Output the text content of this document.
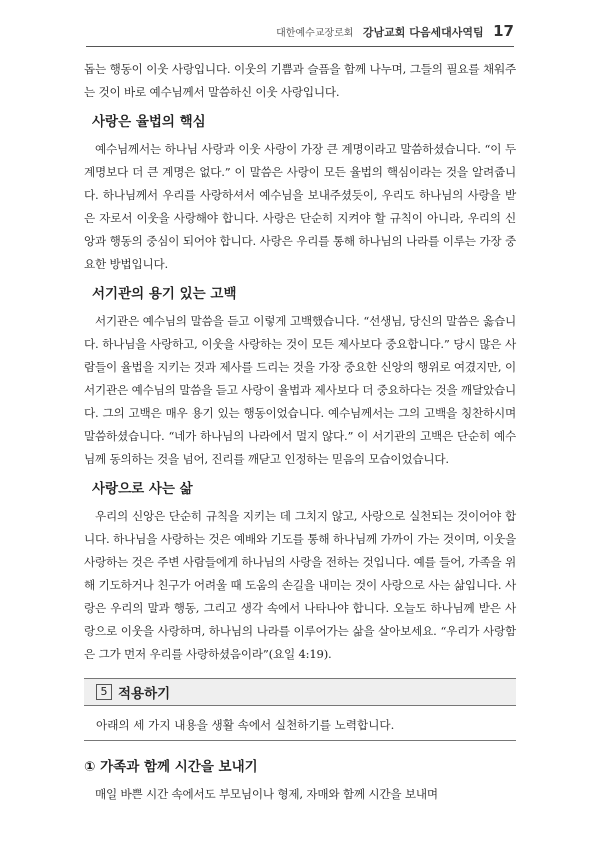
대한예수교장로회 강남교회 다음세대사역팀 17

돕는 행동이 이웃 사랑입니다. 이웃의 기쁨과 슬픔을 함께 나누며, 그들의 필요를 채워주는 것이 바로 예수님께서 말씀하신 이웃 사랑입니다.

사랑은 율법의 핵심

예수님께서는 하나님 사랑과 이웃 사랑이 가장 큰 계명이라고 말씀하셨습니다. “이 두 계명보다 더 큰 계명은 없다.” 이 말씀은 사랑이 모든 율법의 핵심이라는 것을 알려줍니다. 하나님께서 우리를 사랑하셔서 예수님을 보내주셨듯이, 우리도 하나님의 사랑을 받은 자로서 이웃을 사랑해야 합니다. 사랑은 단순히 지켜야 할 규칙이 아니라, 우리의 신앙과 행동의 중심이 되어야 합니다. 사랑은 우리를 통해 하나님의 나라를 이루는 가장 중요한 방법입니다.

서기관의 용기 있는 고백

서기관은 예수님의 말씀을 듣고 이렇게 고백했습니다. “선생님, 당신의 말씀은 옳습니다. 하나님을 사랑하고, 이웃을 사랑하는 것이 모든 제사보다 중요합니다.” 당시 많은 사람들이 율법을 지키는 것과 제사를 드리는 것을 가장 중요한 신앙의 행위로 여겼지만, 이 서기관은 예수님의 말씀을 듣고 사랑이 율법과 제사보다 더 중요하다는 것을 깨달았습니다. 그의 고백은 매우 용기 있는 행동이었습니다. 예수님께서는 그의 고백을 칭찬하시며 말씀하셨습니다. “네가 하나님의 나라에서 멀지 않다.” 이 서기관의 고백은 단순히 예수님께 동의하는 것을 넘어, 진리를 깨닫고 인정하는 믿음의 모습이었습니다.

사랑으로 사는 삶

우리의 신앙은 단순히 규칙을 지키는 데 그치지 않고, 사랑으로 실천되는 것이어야 합니다. 하나님을 사랑하는 것은 예배와 기도를 통해 하나님께 가까이 가는 것이며, 이웃을 사랑하는 것은 주변 사람들에게 하나님의 사랑을 전하는 것입니다. 예를 들어, 가족을 위해 기도하거나 친구가 어려울 때 도움의 손길을 내미는 것이 사랑으로 사는 삶입니다. 사랑은 우리의 말과 행동, 그리고 생각 속에서 나타나야 합니다. 오늘도 하나님께 받은 사랑으로 이웃을 사랑하며, 하나님의 나라를 이루어가는 삶을 살아보세요. “우리가 사랑함은 그가 먼저 우리를 사랑하셨음이라”(요일 4:19).

5 적용하기

아래의 세 가지 내용을 생활 속에서 실천하기를 노력합니다.

① 가족과 함께 시간을 보내기

매일 바쁜 시간 속에서도 부모님이나 형제, 자매와 함께 시간을 보내며
